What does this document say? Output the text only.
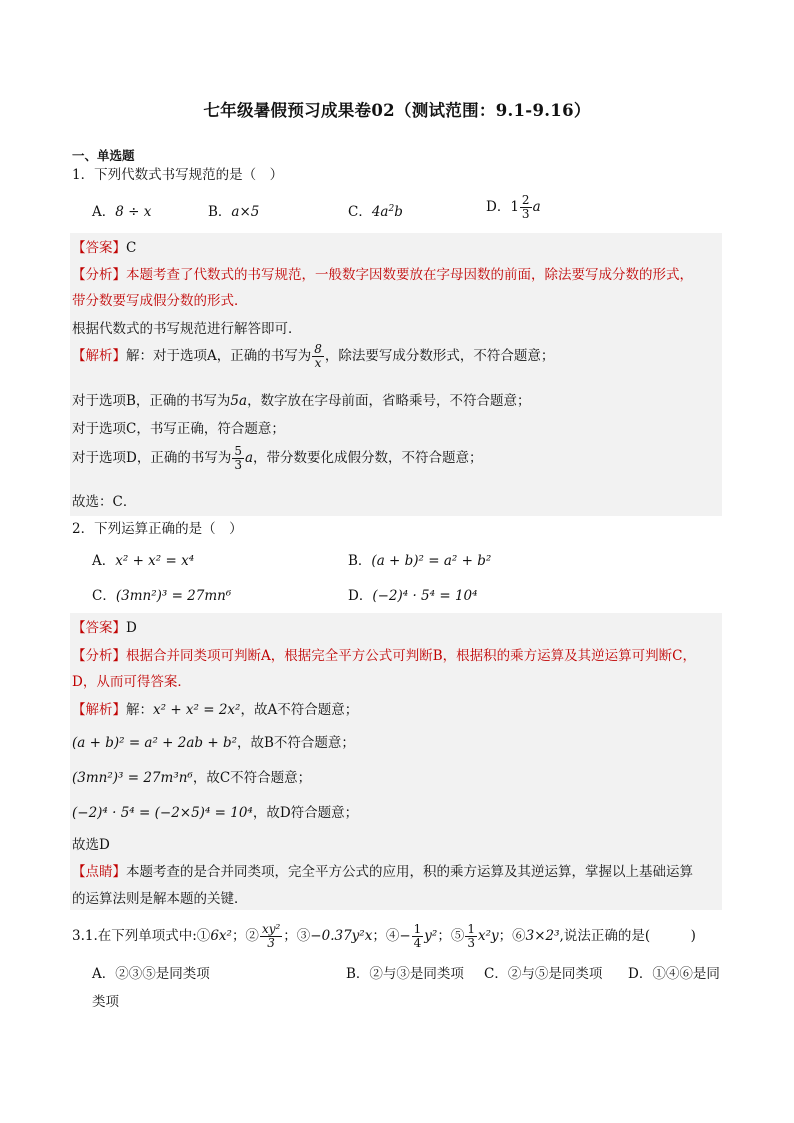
七年级暑假预习成果卷02（测试范围：9.1-9.16）
一、单选题
1．下列代数式书写规范的是（　）
A．8 ÷ x	B．a×5	C．$4a^2b$	D．$1 \frac{2}{3}$ a
【答案】C
【分析】本题考查了代数式的书写规范，一般数字因数要放在字母因数的前面，除法要写成分数的形式，
带分数要写成假分数的形式．
根据代数式的书写规范进行解答即可．
【解析】解：对于选项A，正确的书写为 $\frac{8}{x}$ ，除法要写成分数形式，不符合题意；
对于选项B，正确的书写为5a，数字放在字母前面，省略乘号，不符合题意；
对于选项C，书写正确，符合题意；
对于选项D，正确的书写为 $\frac{5}{3}$ a，带分数要化成假分数，不符合题意；
故选：C．
2．下列运算正确的是（　）
A．x² + x² = x⁴	B．(a + b)² = a² + b²
C．(3mn²)³ = 27mn⁶	D．(−2)⁴ · 5⁴ = 10⁴
【答案】D
【分析】根据合并同类项可判断A，根据完全平方公式可判断B，根据积的乘方运算及其逆运算可判断C，
D，从而可得答案．
【解析】解：x² + x² = 2x²，故A不符合题意；
(a + b)² = a² + 2ab + b²，故B不符合题意；
(3mn²)³ = 27m³n⁶，故C不符合题意；
(−2)⁴ · 5⁴ = (−2×5)⁴ = 10⁴，故D符合题意；
故选D
【点睛】本题考查的是合并同类项，完全平方公式的应用，积的乘方运算及其逆运算，掌握以上基础运算
的运算法则是解本题的关键．
3.1.在下列单项式中:①6x²；② $\frac{\text{xy²}}{3}$ ；③−0.37y²x；④− $\frac{1}{4} y^2$；⑤ $\frac{1}{3} x^2y$；⑥3×2³,说法正确的是(　　　)
A．②③⑤是同类项	B．②与③是同类项 C．②与⑤是同类项 D．①④⑥是同
类项
